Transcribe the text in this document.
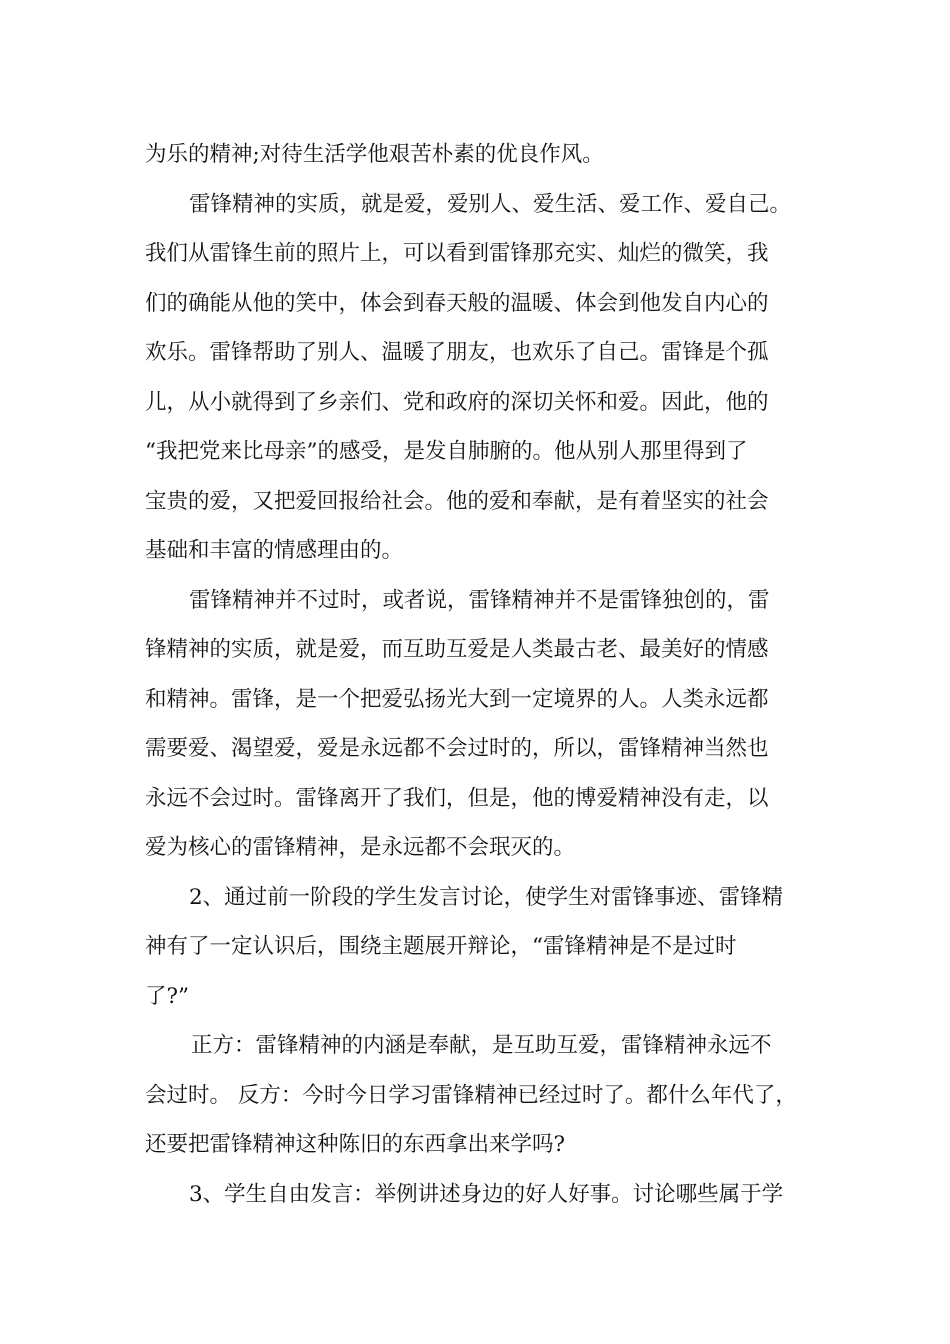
为乐的精神;对待生活学他艰苦朴素的优良作风。
雷锋精神的实质，就是爱，爱别人、爱生活、爱工作、爱自己。
我们从雷锋生前的照片上，可以看到雷锋那充实、灿烂的微笑，我
们的确能从他的笑中，体会到春天般的温暖、体会到他发自内心的
欢乐。雷锋帮助了别人、温暖了朋友，也欢乐了自己。雷锋是个孤
儿，从小就得到了乡亲们、党和政府的深切关怀和爱。因此，他的
“我把党来比母亲”的感受，是发自肺腑的。他从别人那里得到了
宝贵的爱，又把爱回报给社会。他的爱和奉献，是有着坚实的社会
基础和丰富的情感理由的。
雷锋精神并不过时，或者说，雷锋精神并不是雷锋独创的，雷
锋精神的实质，就是爱，而互助互爱是人类最古老、最美好的情感
和精神。雷锋，是一个把爱弘扬光大到一定境界的人。人类永远都
需要爱、渴望爱，爱是永远都不会过时的，所以，雷锋精神当然也
永远不会过时。雷锋离开了我们，但是，他的博爱精神没有走，以
爱为核心的雷锋精神，是永远都不会珉灭的。
2、通过前一阶段的学生发言讨论，使学生对雷锋事迹、雷锋精
神有了一定认识后，围绕主题展开辩论，“雷锋精神是不是过时
了?”
正方：雷锋精神的内涵是奉献，是互助互爱，雷锋精神永远不
会过时。 反方：今时今日学习雷锋精神已经过时了。都什么年代了，
还要把雷锋精神这种陈旧的东西拿出来学吗?
3、学生自由发言：举例讲述身边的好人好事。讨论哪些属于学
